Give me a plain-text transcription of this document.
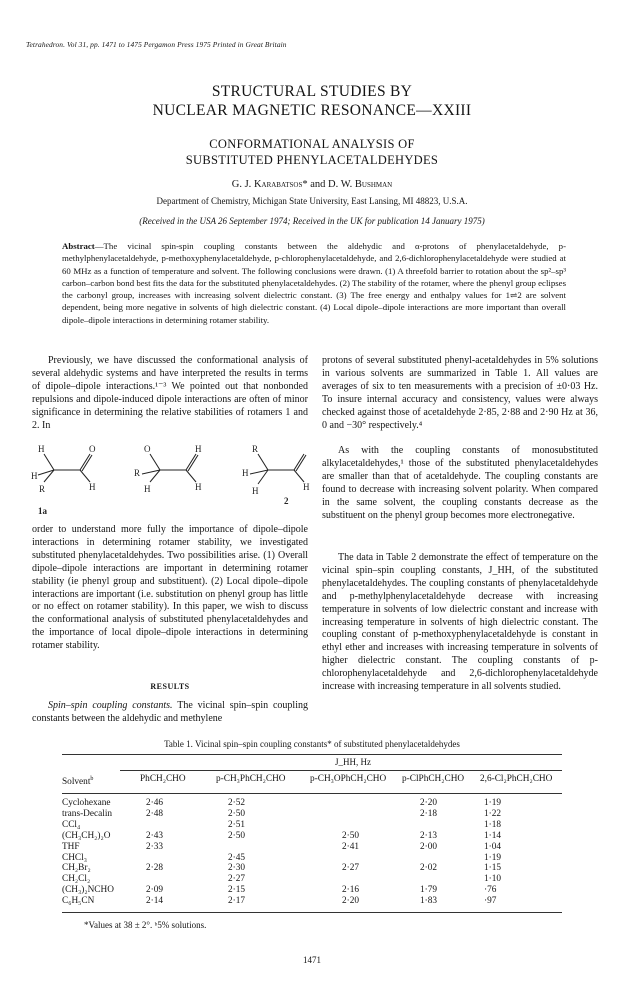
Tetrahedron. Vol 31, pp. 1471 to 1475 Pergamon Press 1975 Printed in Great Britain
STRUCTURAL STUDIES BY
NUCLEAR MAGNETIC RESONANCE—XXIII
CONFORMATIONAL ANALYSIS OF
SUBSTITUTED PHENYLACETALDEHYDES
G. J. Karabatsos* and D. W. Bushman
Department of Chemistry, Michigan State University, East Lansing, MI 48823, U.S.A.
(Received in the USA 26 September 1974; Received in the UK for publication 14 January 1975)
Abstract—The vicinal spin-spin coupling constants between the aldehydic and α-protons of phenylacetaldehyde, p-methylphenylacetaldehyde, p-methoxyphenylacetaldehyde, p-chlorophenylacetaldehyde, and 2,6-dichlorophenylacetaldehyde were studied at 60 MHz as a function of temperature and solvent. The following conclusions were drawn. (1) A threefold barrier to rotation about the sp²–sp³ carbon–carbon bond best fits the data for the substituted phenylacetaldehydes. (2) The stability of the rotamer, where the phenyl group eclipses the carbonyl group, increases with increasing solvent dielectric constant. (3) The free energy and enthalpy values for 1⇌2 are solvent dependent, being more negative in solvents of high dielectric constant. (4) Local dipole–dipole interactions are more important than overall dipole–dipole interactions in determining rotamer stability.
Previously, we have discussed the conformational analysis of several aldehydic systems and have interpreted the results in terms of dipole–dipole interactions.¹⁻³ We pointed out that nonbonded repulsions and dipole-induced dipole interactions are often of minor significance in determining the relative stabilities of rotamers 1 and 2. In
H	O
H
R	H
O	H
R
H	H
H
R
H
H
1a
2
order to understand more fully the importance of dipole–dipole interactions in determining rotamer stability, we investigated substituted phenylacetaldehydes. Two possibilities arise. (1) Overall dipole–dipole interactions are important in determining rotamer stability (ie phenyl group and substituent). (2) Local dipole–dipole interactions are important (i.e. substitution on phenyl group has little or no effect on rotamer stability). In this paper, we wish to discuss the conformational analysis of substituted phenylacetaldehydes and the importance of local dipole–dipole interactions in determining rotamer stability.
RESULTS
Spin–spin coupling constants. The vicinal spin–spin coupling constants between the aldehydic and methylene
protons of several substituted phenyl-acetaldehydes in 5% solutions in various solvents are summarized in Table 1. All values are averages of six to ten measurements with a precision of ±0·03 Hz. To insure internal accuracy and consistency, values were always checked against those of acetaldehyde 2·85, 2·88 and 2·90 Hz at 36, 0 and −30° respectively.⁴
As with the coupling constants of monosubstituted alkylacetaldehydes,¹ those of the substituted phenylacetaldehydes are smaller than that of acetaldehyde. The coupling constants are found to decrease with increasing solvent polarity. When compared in the same solvent, the coupling constants decrease as the substituent on the phenyl group becomes more electronegative.
The data in Table 2 demonstrate the effect of temperature on the vicinal spin–spin coupling constants, J_HH, of the substituted phenylacetaldehydes. The coupling constants of phenylacetaldehyde and p-methylphenylacetaldehyde decrease with increasing temperature in solvents of low dielectric constant and increase with increasing temperature in solvents of high dielectric constant. The coupling constant of p-methoxyphenylacetaldehyde is constant in ethyl ether and increases with increasing temperature in solvents of higher dielectric constant. The coupling constants of p-chlorophenylacetaldehyde and 2,6-dichlorophenylacetaldehyde increase with increasing temperature in all solvents studied.
Table 1. Vicinal spin–spin coupling constants* of substituted phenylacetaldehydes
J_HH, Hz
Solvent$^b$	PhCH₂CHO	p-CH₃PhCH₂CHO	p-CH₃OPhCH₂CHO	p-ClPhCH₂CHO	2,6-Cl₂PhCH₂CHO

Cyclohexane	2·46	2·52		2·20	1·19
trans-Decalin	2·48	2·50		2·18	1·22
CCl₄		2·51			1·18
(CH₃CH₂)₂O	2·43	2·50	2·50	2·13	1·14
THF	2·33		2·41	2·00	1·04
CHCl₃		2·45			1·19
CH₂Br₂	2·28	2·30	2·27	2·02	1·15
CH₂Cl₂		2·27			1·10
(CH₃)₂NCHO	2·09	2·15	2·16	1·79	·76
C₆H₅CN	2·14	2·17	2·20	1·83	·97
*Values at 38 ± 2°. ᵇ5% solutions.
1471
